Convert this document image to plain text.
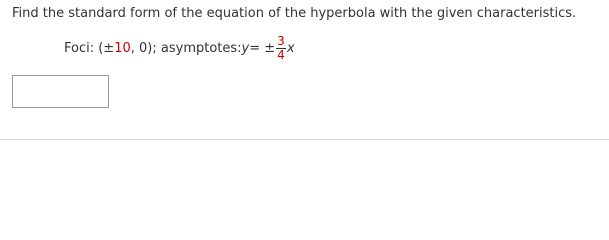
Find the standard form of the equation of the hyperbola with the given characteristics.
Foci: (± 10 , 0); asymptotes: y = ± $\frac{3}{4}$ x
